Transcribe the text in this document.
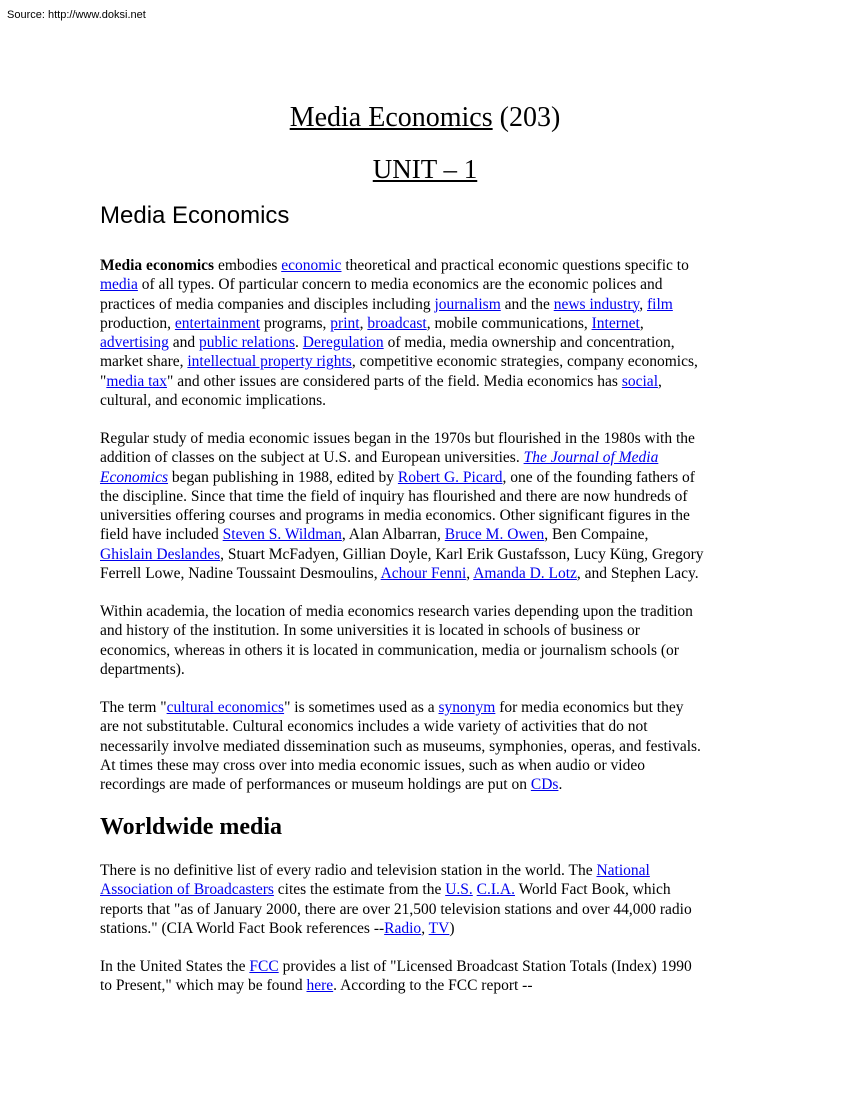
Source: http://www.doksi.net
Media Economics (203)
UNIT – 1
Media Economics

Media economics embodies economic theoretical and practical economic questions specific to
media of all types. Of particular concern to media economics are the economic polices and
practices of media companies and disciples including journalism and the news industry, film
production, entertainment programs, print, broadcast, mobile communications, Internet,
advertising and public relations. Deregulation of media, media ownership and concentration,
market share, intellectual property rights, competitive economic strategies, company economics,
"media tax" and other issues are considered parts of the field. Media economics has social,
cultural, and economic implications.

Regular study of media economic issues began in the 1970s but flourished in the 1980s with the
addition of classes on the subject at U.S. and European universities. The Journal of Media
Economics began publishing in 1988, edited by Robert G. Picard, one of the founding fathers of
the discipline. Since that time the field of inquiry has flourished and there are now hundreds of
universities offering courses and programs in media economics. Other significant figures in the
field have included Steven S. Wildman, Alan Albarran, Bruce M. Owen, Ben Compaine,
Ghislain Deslandes, Stuart McFadyen, Gillian Doyle, Karl Erik Gustafsson, Lucy Küng, Gregory
Ferrell Lowe, Nadine Toussaint Desmoulins, Achour Fenni, Amanda D. Lotz, and Stephen Lacy.

Within academia, the location of media economics research varies depending upon the tradition
and history of the institution. In some universities it is located in schools of business or
economics, whereas in others it is located in communication, media or journalism schools (or
departments).

The term "cultural economics" is sometimes used as a synonym for media economics but they
are not substitutable. Cultural economics includes a wide variety of activities that do not
necessarily involve mediated dissemination such as museums, symphonies, operas, and festivals.
At times these may cross over into media economic issues, such as when audio or video
recordings are made of performances or museum holdings are put on CDs.

Worldwide media

There is no definitive list of every radio and television station in the world. The National
Association of Broadcasters cites the estimate from the U.S. C.I.A. World Fact Book, which
reports that "as of January 2000, there are over 21,500 television stations and over 44,000 radio
stations." (CIA World Fact Book references --Radio, TV)

In the United States the FCC provides a list of "Licensed Broadcast Station Totals (Index) 1990
to Present," which may be found here. According to the FCC report --
